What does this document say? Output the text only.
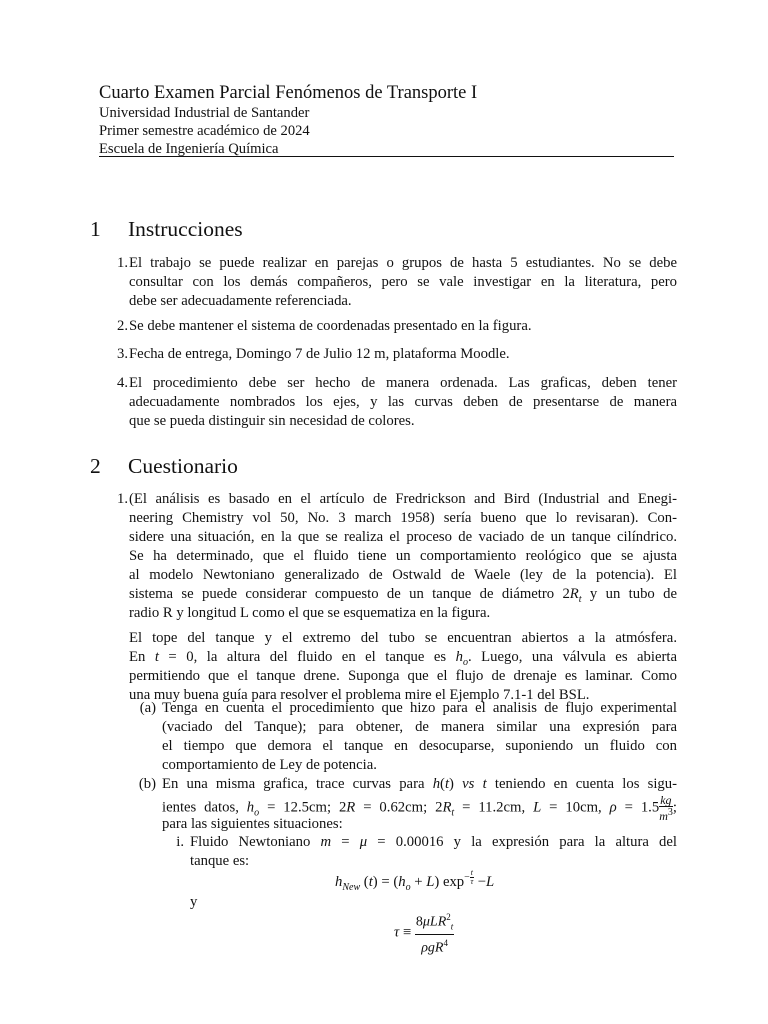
Cuarto Examen Parcial Fenómenos de Transporte I
Universidad Industrial de Santander
Primer semestre académico de 2024
Escuela de Ingeniería Química
1 Instrucciones
1. El trabajo se puede realizar en parejas o grupos de hasta 5 estudiantes. No se debe
consultar con los demás compañeros, pero se vale investigar en la literatura, pero
debe ser adecuadamente referenciada.
2. Se debe mantener el sistema de coordenadas presentado en la figura.
3. Fecha de entrega, Domingo 7 de Julio 12 m, plataforma Moodle.
4. El procedimiento debe ser hecho de manera ordenada. Las graficas, deben tener
adecuadamente nombrados los ejes, y las curvas deben de presentarse de manera
que se pueda distinguir sin necesidad de colores.
2 Cuestionario
1. (El análisis es basado en el artículo de Fredrickson and Bird (Industrial and Enegi-
neering Chemistry vol 50, No. 3 march 1958) sería bueno que lo revisaran). Con-
sidere una situación, en la que se realiza el proceso de vaciado de un tanque cilíndrico.
Se ha determinado, que el fluido tiene un comportamiento reológico que se ajusta
al modelo Newtoniano generalizado de Ostwald de Waele (ley de la potencia). El
sistema se puede considerar compuesto de un tanque de diámetro $2R_t$ y un tubo de
radio R y longitud L como el que se esquematiza en la figura.
El tope del tanque y el extremo del tubo se encuentran abiertos a la atmósfera.
En t = 0, la altura del fluido en el tanque es $h_o$. Luego, una válvula es abierta
permitiendo que el tanque drene. Suponga que el flujo de drenaje es laminar. Como
una muy buena guía para resolver el problema mire el Ejemplo 7.1-1 del BSL.
(a) Tenga en cuenta el procedimiento que hizo para el analisis de flujo experimental
(vaciado del Tanque); para obtener, de manera similar una expresión para
el tiempo que demora el tanque en desocuparse, suponiendo un fluido con
comportamiento de Ley de potencia.
(b) En una misma grafica, trace curvas para h(t) vs t teniendo en cuenta los sigu-
ientes datos, $h_o = 12.5cm$; 2R = 0.62cm; $2R_t = 11.2cm$, L = 10cm, $\rho = 1.5 \frac{kg}{m^3}$ ;
para las siguientes situaciones:
i. Fluido Newtoniano m = μ = 0.00016 y la expresión para la altura del
tanque es:
$h_{New}$ $(t) = (h_o + L)$ $\exp^{- \frac{t}{\tau}} -L$
y
$\tau \equiv \frac{8\mu LR^2_t}{\rho gR^4}$
